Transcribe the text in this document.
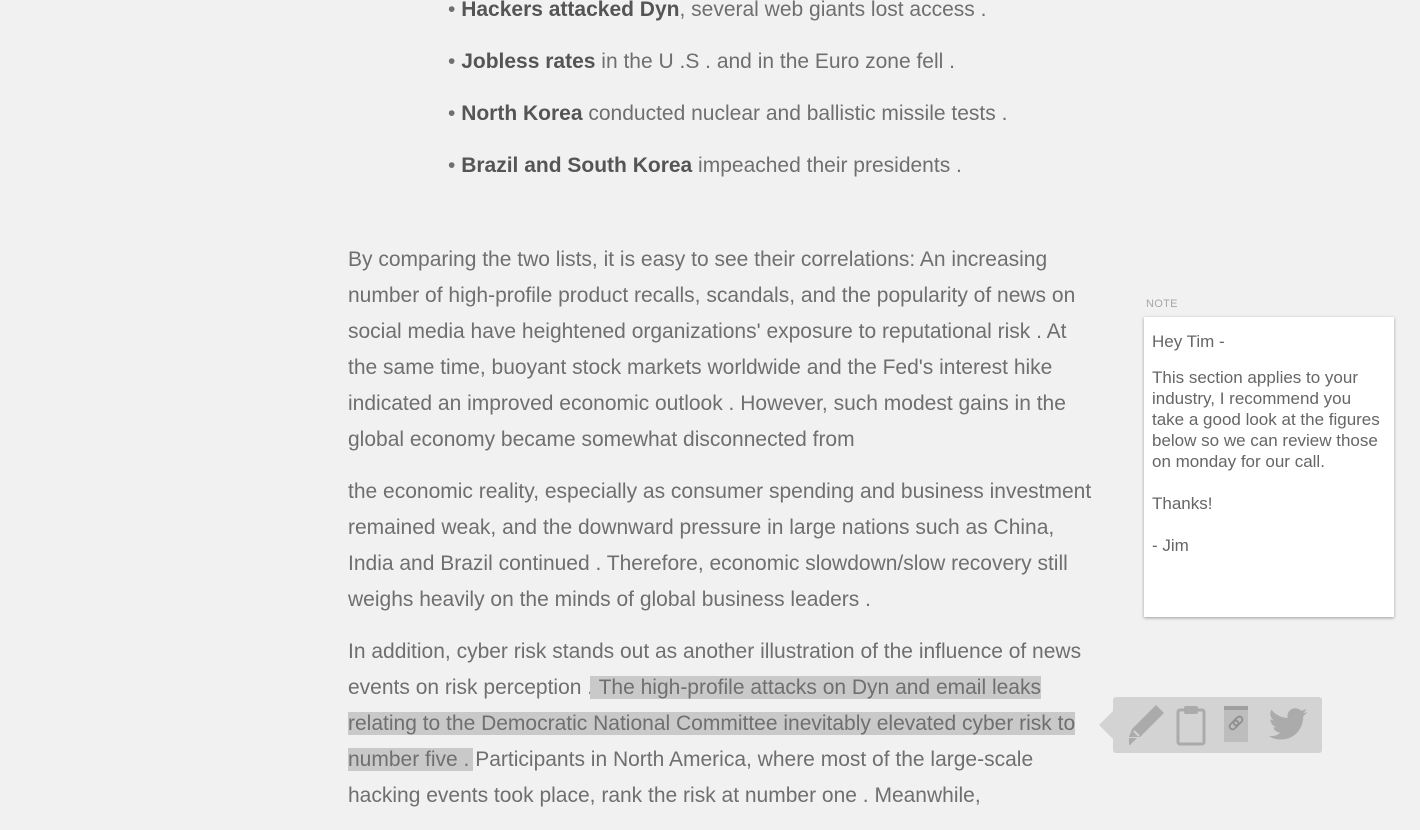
• Hackers attacked Dyn, several web giants lost access .
• Jobless rates in the U .S . and in the Euro zone fell .
• North Korea conducted nuclear and ballistic missile tests .
• Brazil and South Korea impeached their presidents .

By comparing the two lists, it is easy to see their correlations: An increasing number of high-profile product recalls, scandals, and the popularity of news on social media have heightened organizations' exposure to reputational risk . At the same time, buoyant stock markets worldwide and the Fed's interest hike indicated an improved economic outlook . However, such modest gains in the global economy became somewhat disconnected from

the economic reality, especially as consumer spending and business investment remained weak, and the downward pressure in large nations such as China, India and Brazil continued . Therefore, economic slowdown/slow recovery still weighs heavily on the minds of global business leaders .

In addition, cyber risk stands out as another illustration of the influence of news events on risk perception . The high-profile attacks on Dyn and email leaks relating to the Democratic National Committee inevitably elevated cyber risk to number five . Participants in North America, where most of the large-scale hacking events took place, rank the risk at number one . Meanwhile,

NOTE

Hey Tim -

This section applies to your industry, I recommend you take a good look at the figures below so we can review those on monday for our call.

Thanks!

- Jim
